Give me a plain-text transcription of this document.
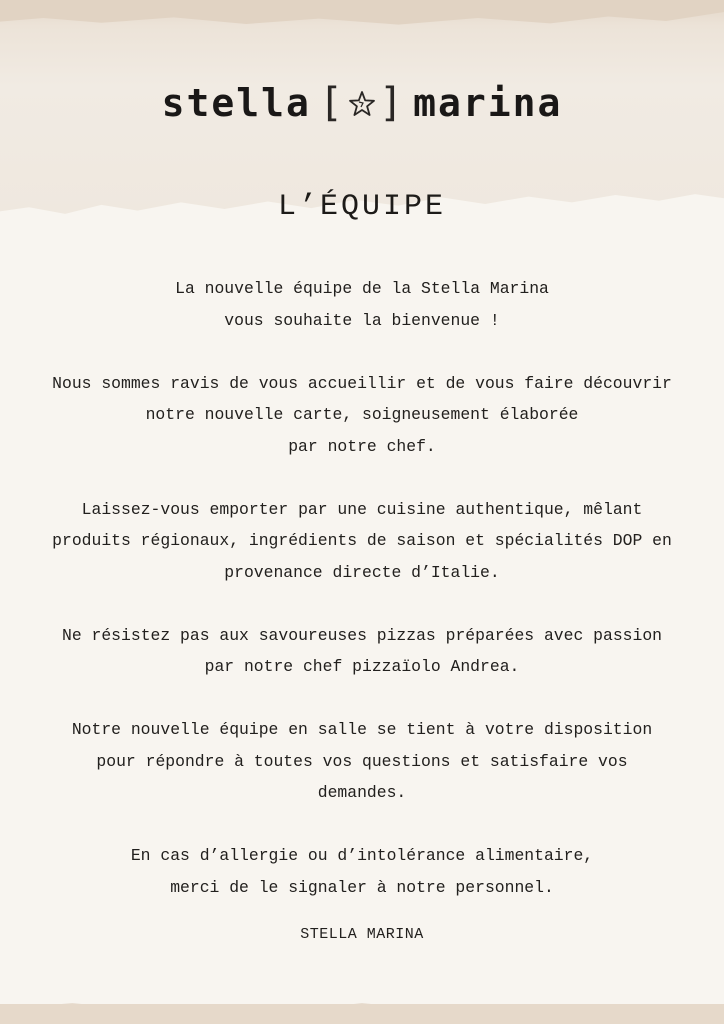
stella [ ] marina
L’ÉQUIPE

La nouvelle équipe de la Stella Marina
vous souhaite la bienvenue !

Nous sommes ravis de vous accueillir et de vous faire découvrir
notre nouvelle carte, soigneusement élaborée
par notre chef.

Laissez-vous emporter par une cuisine authentique, mêlant
produits régionaux, ingrédients de saison et spécialités DOP en
provenance directe d’Italie.

Ne résistez pas aux savoureuses pizzas préparées avec passion
par notre chef pizzaïolo Andrea.

Notre nouvelle équipe en salle se tient à votre disposition
pour répondre à toutes vos questions et satisfaire vos
demandes.

En cas d’allergie ou d’intolérance alimentaire,
merci de le signaler à notre personnel.

STELLA MARINA
